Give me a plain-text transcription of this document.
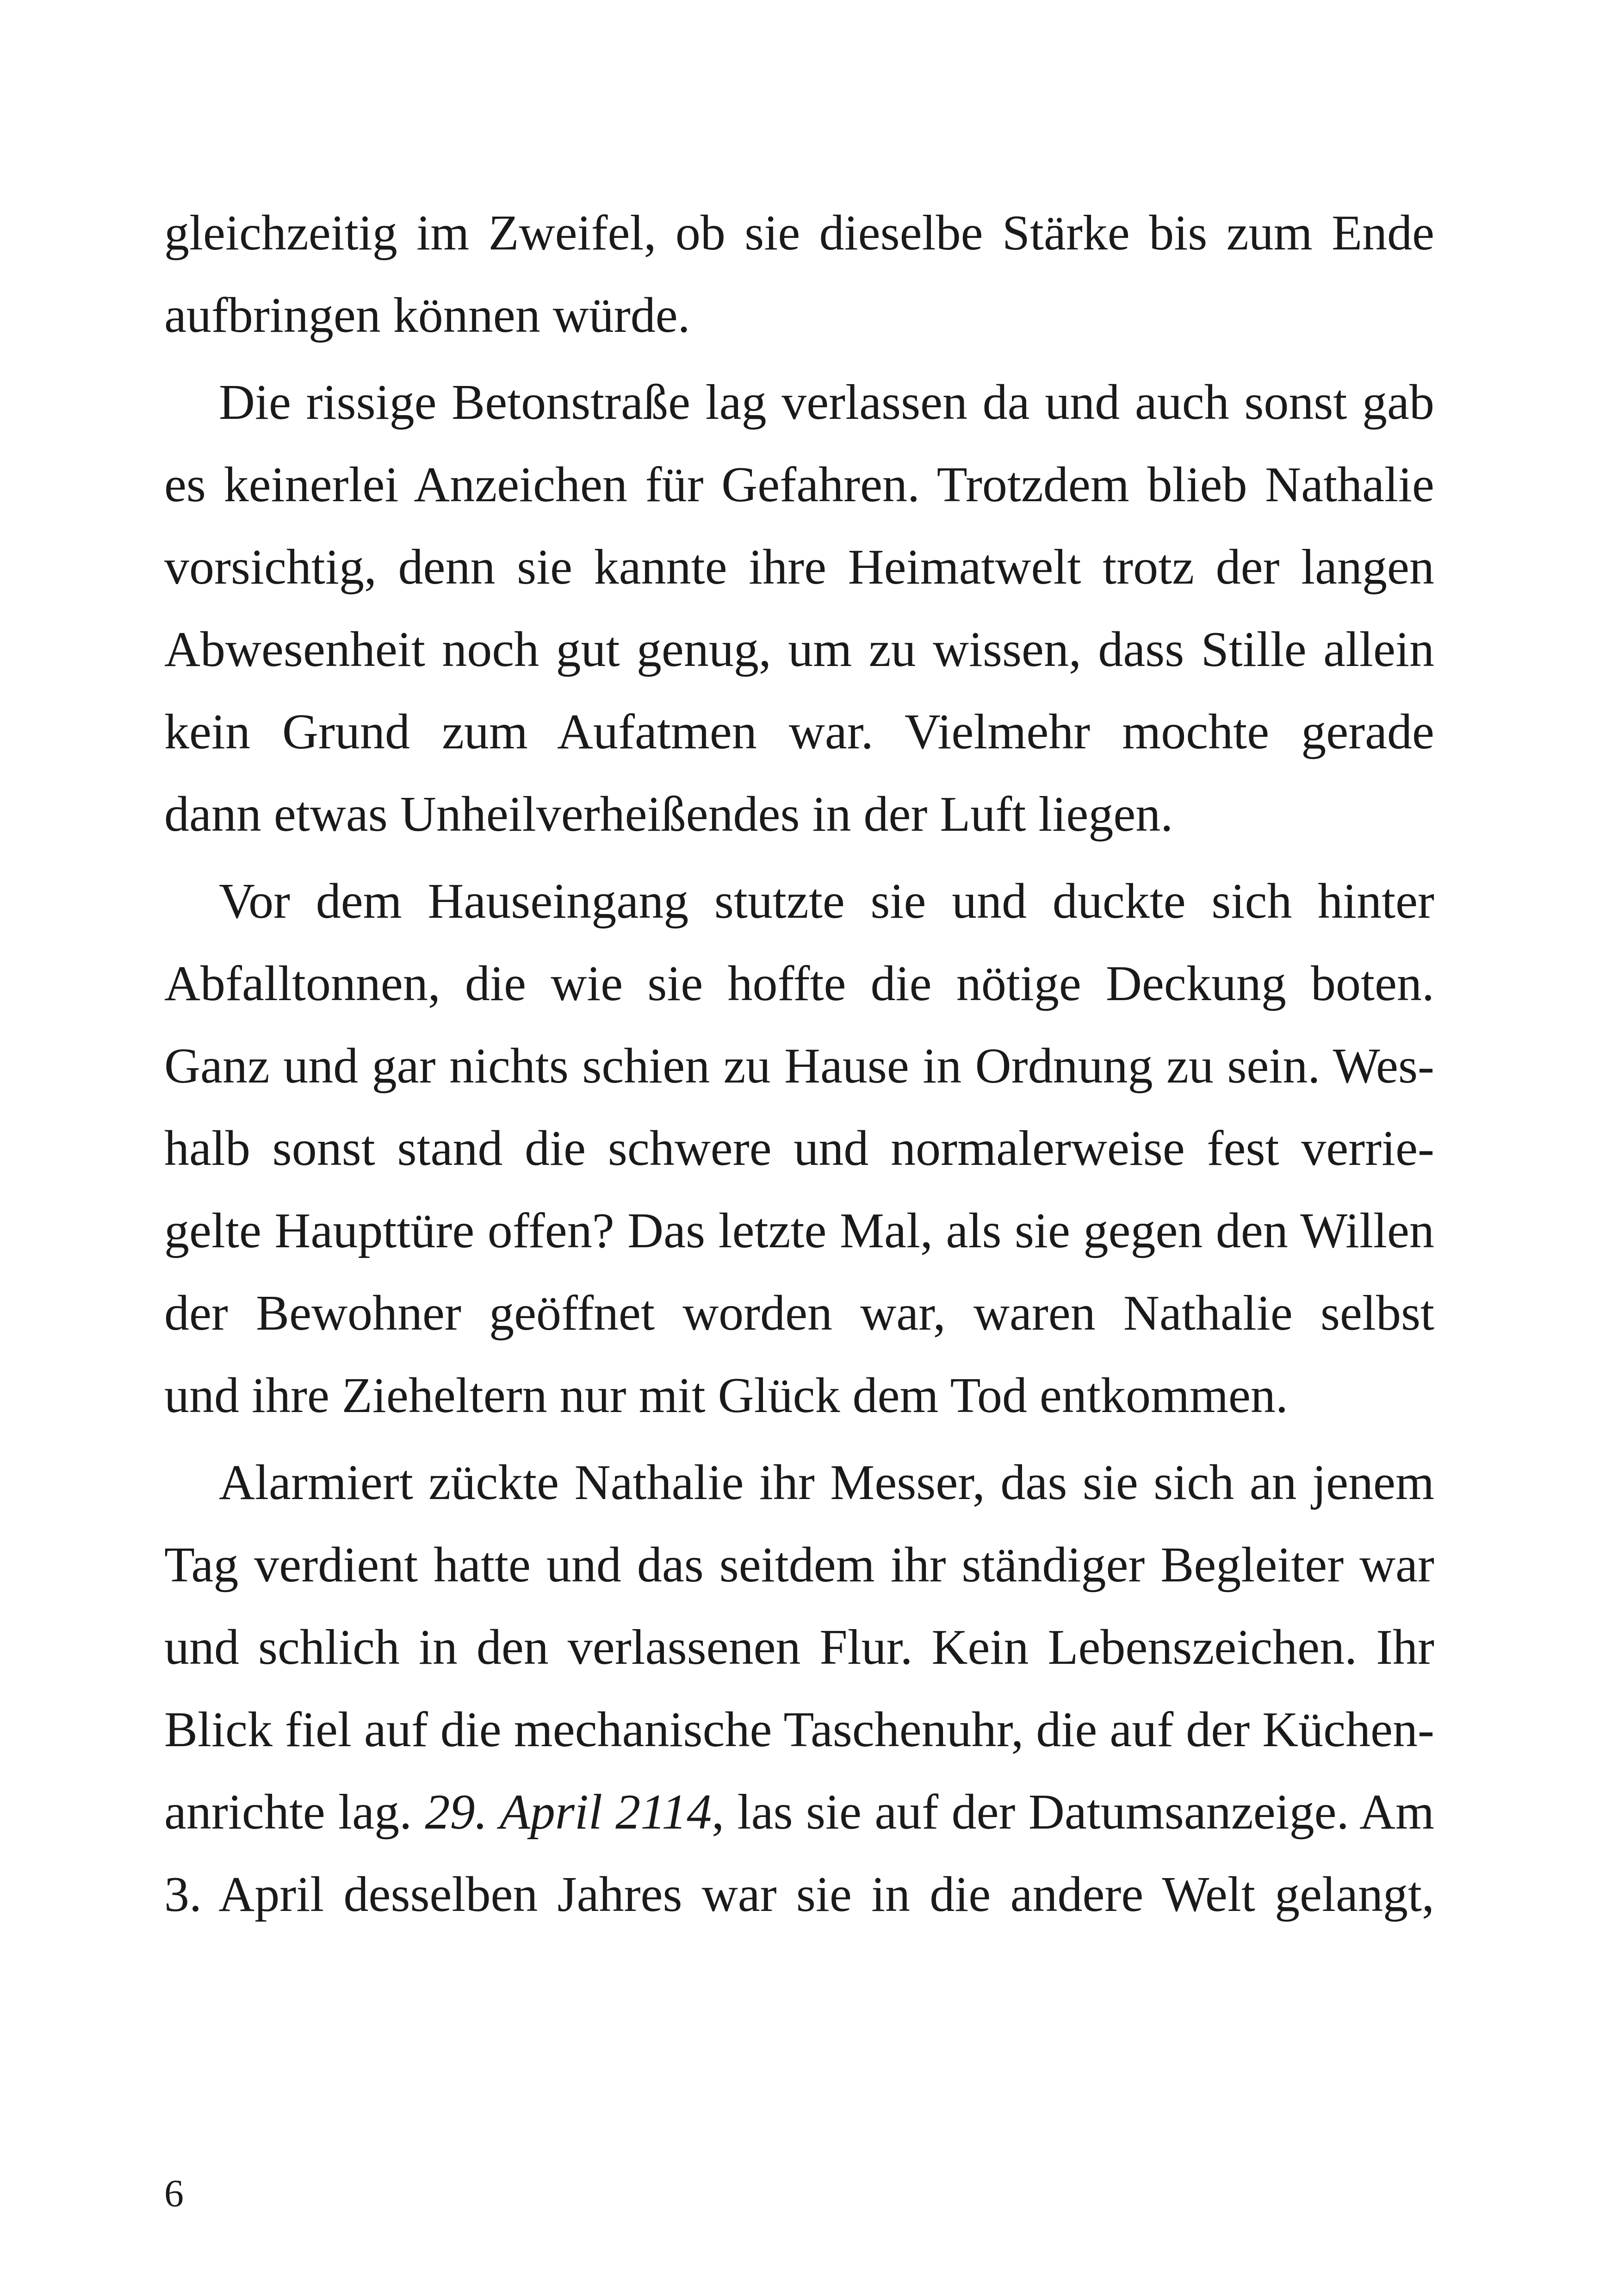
gleichzeitig im Zweifel, ob sie dieselbe Stärke bis zum Ende
aufbringen können würde.

Die rissige Betonstraße lag verlassen da und auch sonst gab
es keinerlei Anzeichen für Gefahren. Trotzdem blieb Nathalie
vorsichtig, denn sie kannte ihre Heimatwelt trotz der langen
Abwesenheit noch gut genug, um zu wissen, dass Stille allein
kein Grund zum Aufatmen war. Vielmehr mochte gerade
dann etwas Unheilverheißendes in der Luft liegen.

Vor dem Hauseingang stutzte sie und duckte sich hinter
Abfalltonnen, die wie sie hoffte die nötige Deckung boten.
Ganz und gar nichts schien zu Hause in Ordnung zu sein. Wes-
halb sonst stand die schwere und normalerweise fest verrie-
gelte Haupttüre offen? Das letzte Mal, als sie gegen den Willen
der Bewohner geöffnet worden war, waren Nathalie selbst
und ihre Zieheltern nur mit Glück dem Tod entkommen.

Alarmiert zückte Nathalie ihr Messer, das sie sich an jenem
Tag verdient hatte und das seitdem ihr ständiger Begleiter war
und schlich in den verlassenen Flur. Kein Lebenszeichen. Ihr
Blick fiel auf die mechanische Taschenuhr, die auf der Küchen-
anrichte lag. 29. April 2114, las sie auf der Datumsanzeige. Am
3. April desselben Jahres war sie in die andere Welt gelangt,

6
